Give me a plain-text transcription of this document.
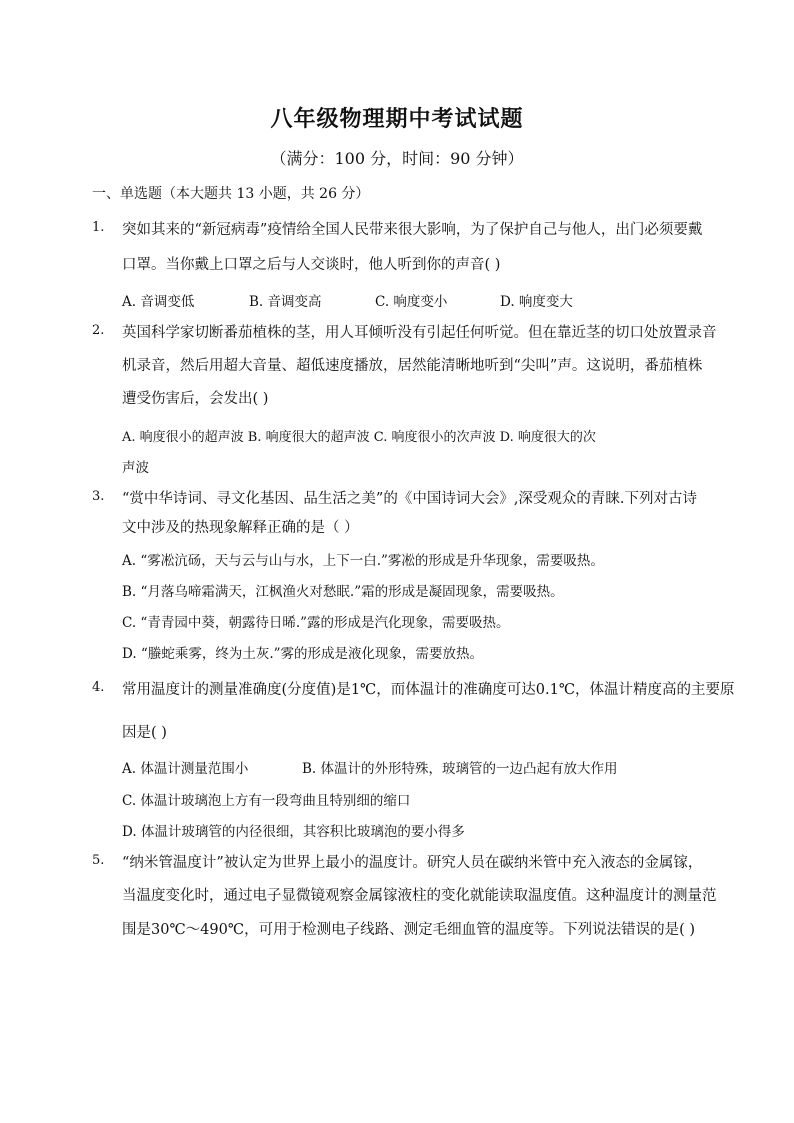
八年级物理期中考试试题
（满分：100 分，时间：90 分钟）
一、单选题（本大题共 13 小题，共 26 分）
1.	突如其来的“新冠病毒”疫情给全国人民带来很大影响，为了保护自己与他人，出门必须要戴
口罩。当你戴上口罩之后与人交谈时，他人听到你的声音( )
A. 音调变低	B. 音调变高	C. 响度变小	D. 响度变大
2.	英国科学家切断番茄植株的茎，用人耳倾听没有引起任何听觉。但在靠近茎的切口处放置录音
机录音，然后用超大音量、超低速度播放，居然能清晰地听到“尖叫”声。这说明，番茄植株
遭受伤害后，会发出( )
A. 响度很小的超声波 B. 响度很大的超声波 C. 响度很小的次声波 D. 响度很大的次
声波
3.	“赏中华诗词、寻文化基因、品生活之美”的《中国诗词大会》,深受观众的青睐.下列对古诗
文中涉及的热现象解释正确的是（ ）
A. “雾凇沆砀，天与云与山与水，上下一白.”雾凇的形成是升华现象，需要吸热。
B. “月落乌啼霜满天，江枫渔火对愁眠.”霜的形成是凝固现象，需要吸热。
C. “青青园中葵，朝露待日晞.”露的形成是汽化现象，需要吸热。
D. “螣蛇乘雾，终为土灰.”雾的形成是液化现象，需要放热。
4.	常用温度计的测量准确度(分度值)是1℃，而体温计的准确度可达0.1℃，体温计精度高的主要原
因是( )
A. 体温计测量范围小	B. 体温计的外形特殊，玻璃管的一边凸起有放大作用
C. 体温计玻璃泡上方有一段弯曲且特别细的缩口
D. 体温计玻璃管的内径很细，其容积比玻璃泡的要小得多
5.	“纳米管温度计”被认定为世界上最小的温度计。研究人员在碳纳米管中充入液态的金属镓，
当温度变化时，通过电子显微镜观察金属镓液柱的变化就能读取温度值。这种温度计的测量范
围是30℃～490℃，可用于检测电子线路、测定毛细血管的温度等。下列说法错误的是( )
